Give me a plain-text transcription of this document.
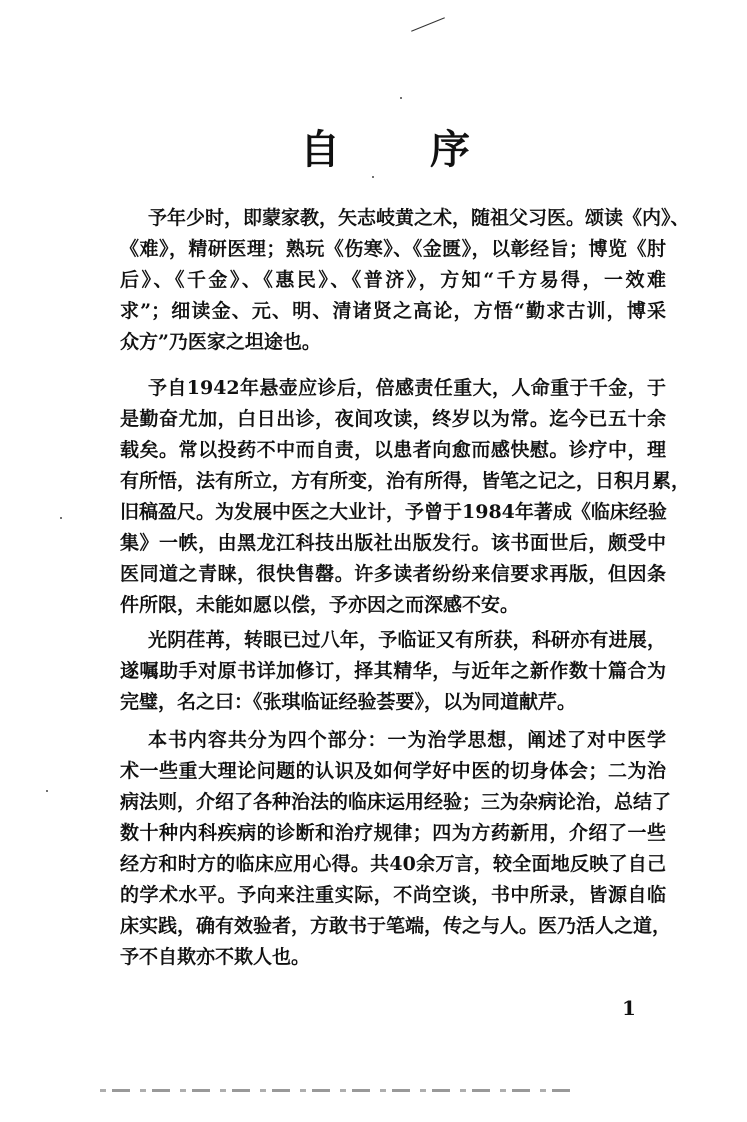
自 序
予年少时，即蒙家教，矢志岐黄之术，随祖父习医。颂读《内》、
《难》，精研医理；熟玩《伤寒》、《金匮》，以彰经旨；博览《肘
后》、《千金》、《惠民》、《普济》，方知“千方易得，一效难
求”；细读金、元、明、清诸贤之高论，方悟“勤求古训，博采
众方”乃医家之坦途也。
予自1942年悬壶应诊后，倍感责任重大，人命重于千金，于
是勤奋尤加，白日出诊，夜间攻读，终岁以为常。迄今已五十余
载矣。常以投药不中而自责，以患者向愈而感快慰。诊疗中，理
有所悟，法有所立，方有所变，治有所得，皆笔之记之，日积月累，
旧稿盈尺。为发展中医之大业计，予曾于1984年著成《临床经验
集》一帙，由黑龙江科技出版社出版发行。该书面世后，颇受中
医同道之青睐，很快售罄。许多读者纷纷来信要求再版，但因条
件所限，未能如愿以偿，予亦因之而深感不安。
光阴荏苒，转眼已过八年，予临证又有所获，科研亦有进展，
遂嘱助手对原书详加修订，择其精华，与近年之新作数十篇合为
完璧，名之曰：《张琪临证经验荟要》，以为同道献芹。
本书内容共分为四个部分：一为治学思想，阐述了对中医学
术一些重大理论问题的认识及如何学好中医的切身体会；二为治
病法则，介绍了各种治法的临床运用经验；三为杂病论治，总结了
数十种内科疾病的诊断和治疗规律；四为方药新用，介绍了一些
经方和时方的临床应用心得。共40余万言，较全面地反映了自己
的学术水平。予向来注重实际，不尚空谈，书中所录，皆源自临
床实践，确有效验者，方敢书于笔端，传之与人。医乃活人之道，
予不自欺亦不欺人也。
1
